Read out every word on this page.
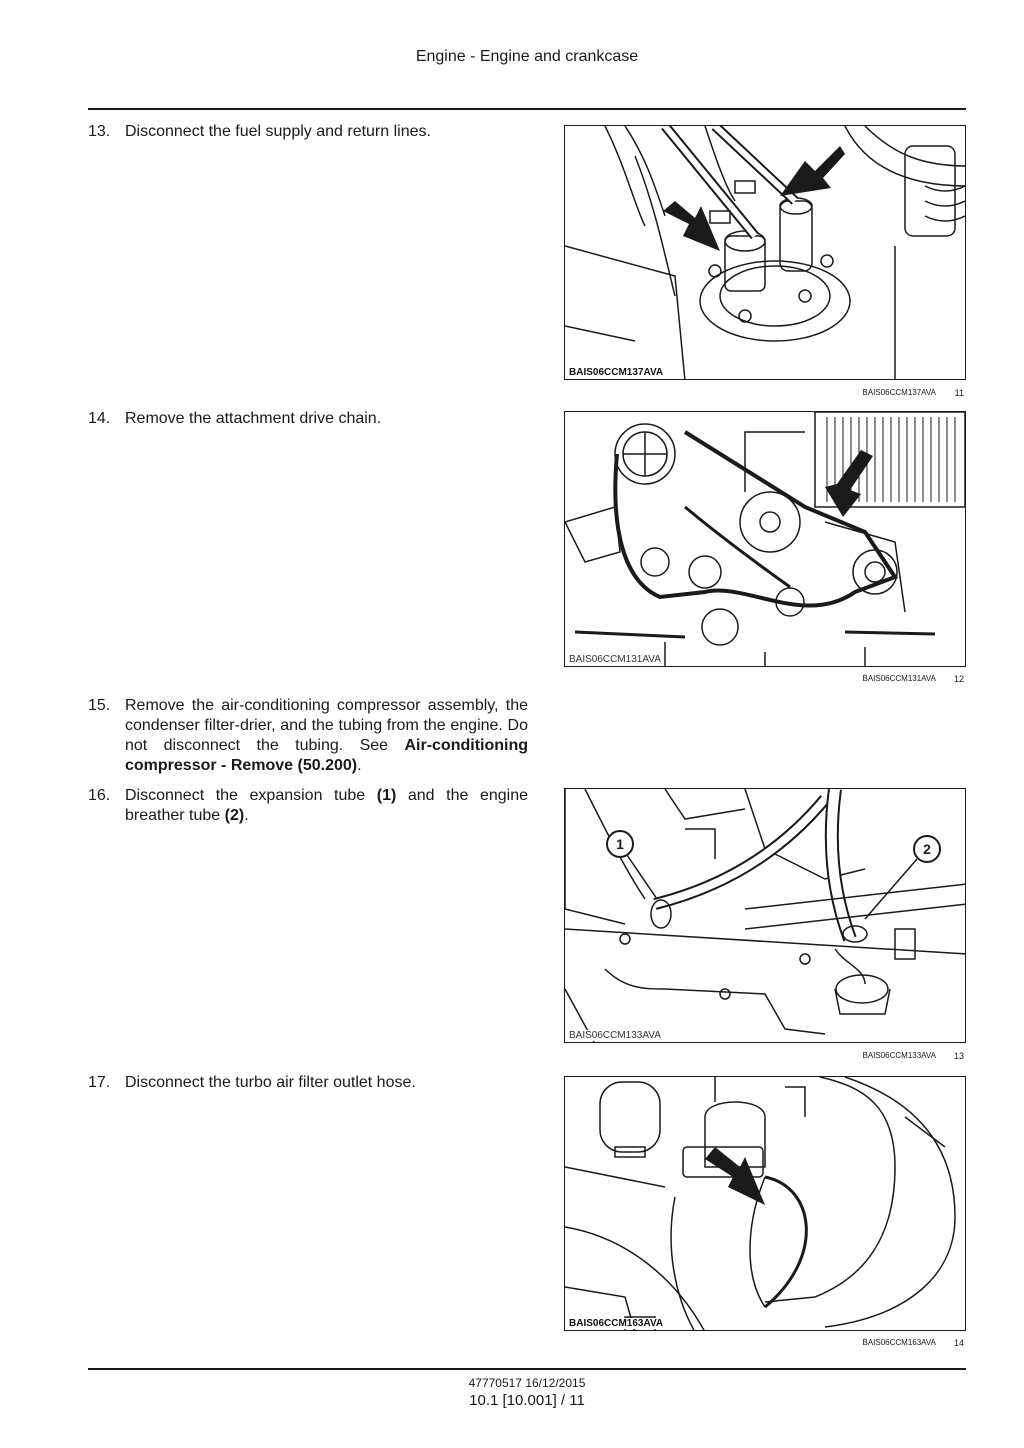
Engine - Engine and crankcase
13. Disconnect the fuel supply and return lines.
BAIS06CCM137AVA
BAIS06CCM137AVA 11
14. Remove the attachment drive chain.
BAIS06CCM131AVA
BAIS06CCM131AVA 12
15. Remove the air-conditioning compressor assembly, the condenser filter-drier, and the tubing from the engine. Do not disconnect the tubing. See Air-conditioning compressor - Remove (50.200).
16. Disconnect the expansion tube (1) and the engine breather tube (2).
1	2
BAIS06CCM133AVA
BAIS06CCM133AVA 13
17. Disconnect the turbo air filter outlet hose.
BAIS06CCM163AVA
BAIS06CCM163AVA 14
47770517 16/12/2015
10.1 [10.001] / 11
